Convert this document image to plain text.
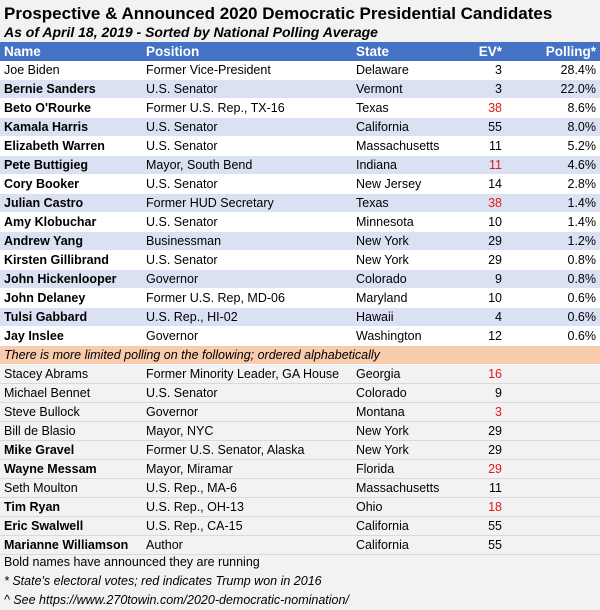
Prospective & Announced 2020 Democratic Presidential Candidates
As of April 18, 2019 - Sorted by National Polling Average
Name	Position	State	EV*	Polling*
Joe Biden	Former Vice-President	Delaware	3	28.4%
Bernie Sanders	U.S. Senator	Vermont	3	22.0%
Beto O'Rourke	Former U.S. Rep., TX-16	Texas	38	8.6%
Kamala Harris	U.S. Senator	California	55	8.0%
Elizabeth Warren	U.S. Senator	Massachusetts	11	5.2%
Pete Buttigieg	Mayor, South Bend	Indiana	11	4.6%
Cory Booker	U.S. Senator	New Jersey	14	2.8%
Julian Castro	Former HUD Secretary	Texas	38	1.4%
Amy Klobuchar	U.S. Senator	Minnesota	10	1.4%
Andrew Yang	Businessman	New York	29	1.2%
Kirsten Gillibrand	U.S. Senator	New York	29	0.8%
John Hickenlooper	Governor	Colorado	9	0.8%
John Delaney	Former U.S. Rep, MD-06	Maryland	10	0.6%
Tulsi Gabbard	U.S. Rep., HI-02	Hawaii	4	0.6%
Jay Inslee	Governor	Washington	12	0.6%
There is more limited polling on the following; ordered alphabetically				
Stacey Abrams	Former Minority Leader, GA House	Georgia	16	
Michael Bennet	U.S. Senator	Colorado	9	
Steve Bullock	Governor	Montana	3	
Bill de Blasio	Mayor, NYC	New York	29	
Mike Gravel	Former U.S. Senator, Alaska	New York	29	
Wayne Messam	Mayor, Miramar	Florida	29	
Seth Moulton	U.S. Rep., MA-6	Massachusetts	11	
Tim Ryan	U.S. Rep., OH-13	Ohio	18	
Eric Swalwell	U.S. Rep., CA-15	California	55	
Marianne Williamson	Author	California	55	
Bold names have announced they are running
* State's electoral votes; red indicates Trump won in 2016
^ See https://www.270towin.com/2020-democratic-nomination/
